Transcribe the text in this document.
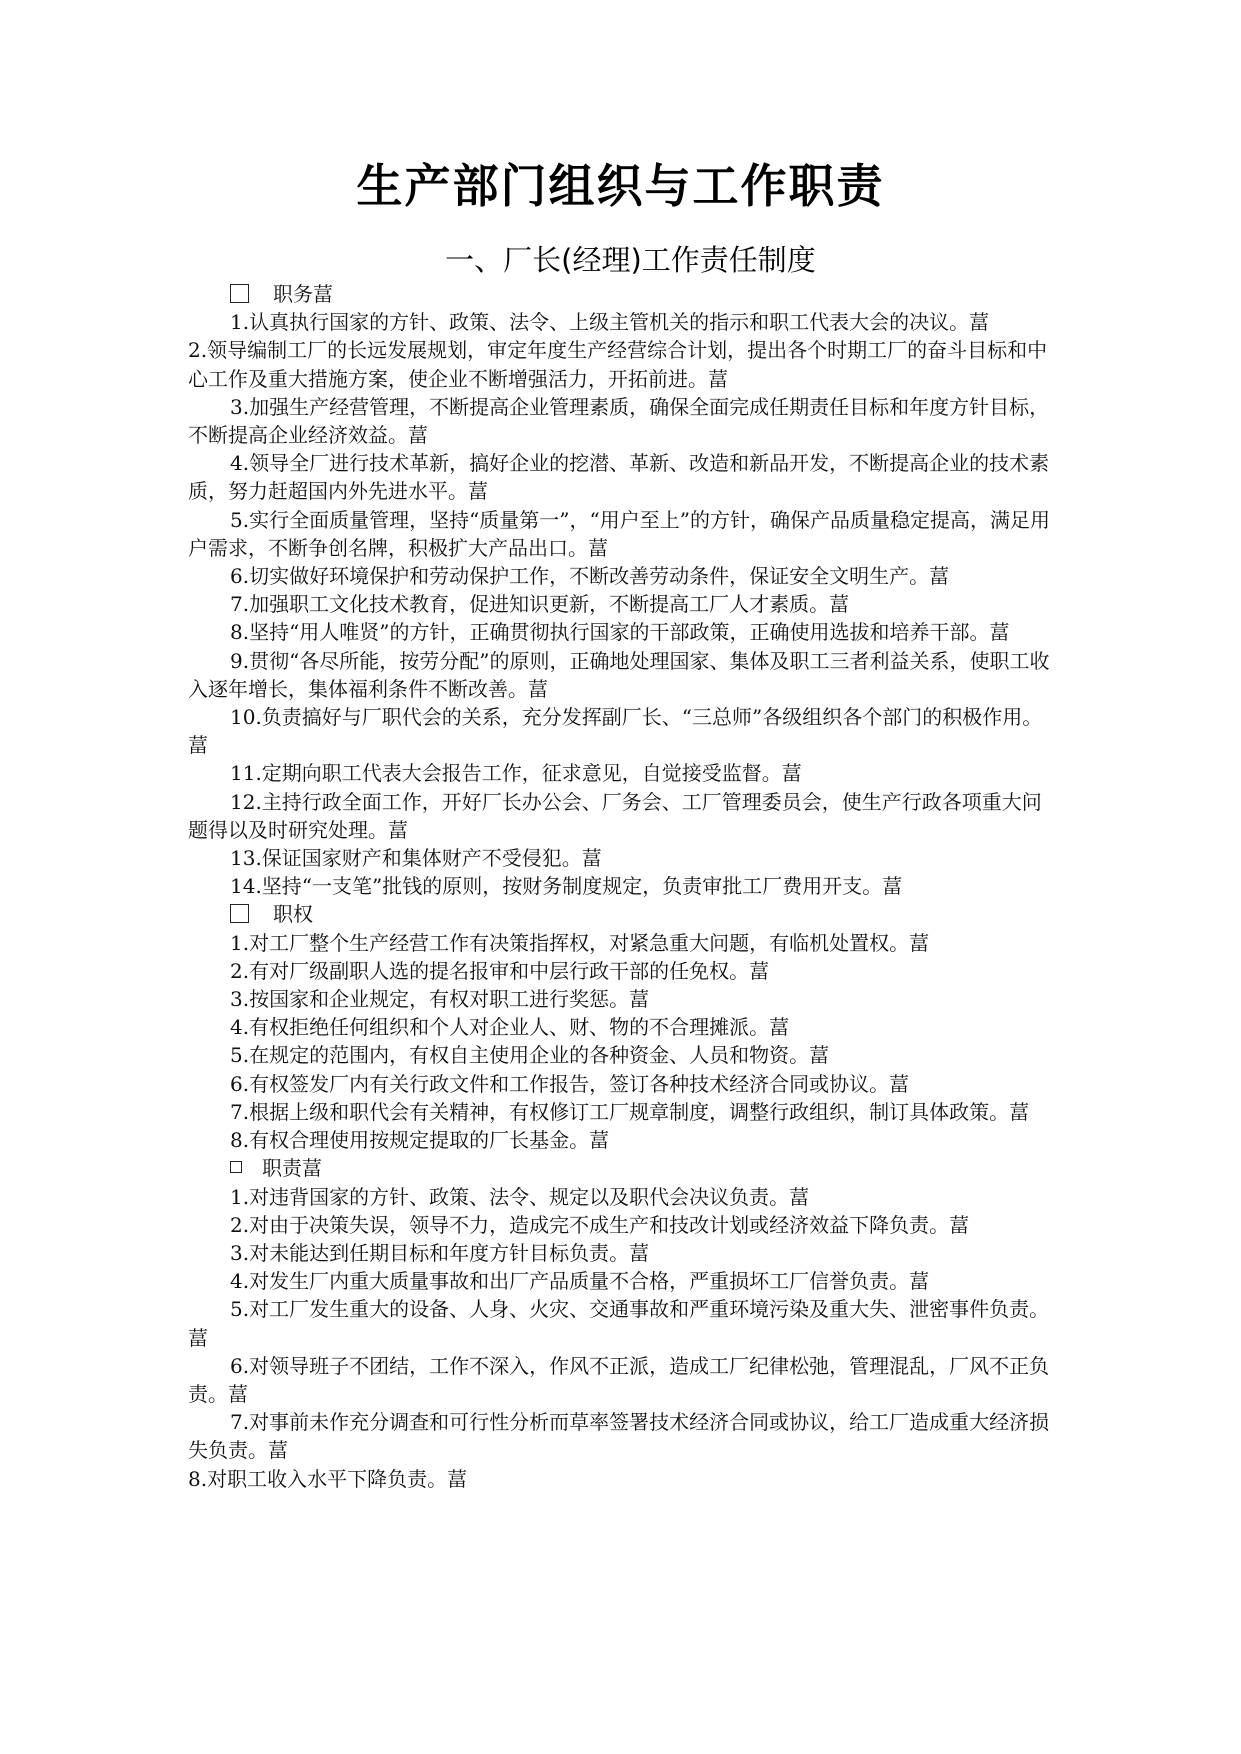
生产部门组织与工作职责
一、厂长(经理)工作责任制度

职务葍

1.认真执行国家的方针、政策、法令、上级主管机关的指示和职工代表大会的决议。葍

2.领导编制工厂的长远发展规划，审定年度生产经营综合计划，提出各个时期工厂的奋斗目标和中心工作及重大措施方案，使企业不断增强活力，开拓前进。葍

3.加强生产经营管理，不断提高企业管理素质，确保全面完成任期责任目标和年度方针目标，不断提高企业经济效益。葍

4.领导全厂进行技术革新，搞好企业的挖潜、革新、改造和新品开发，不断提高企业的技术素质，努力赶超国内外先进水平。葍

5.实行全面质量管理，坚持“质量第一”，“用户至上”的方针，确保产品质量稳定提高，满足用户需求，不断争创名牌，积极扩大产品出口。葍

6.切实做好环境保护和劳动保护工作，不断改善劳动条件，保证安全文明生产。葍

7.加强职工文化技术教育，促进知识更新，不断提高工厂人才素质。葍

8.坚持“用人唯贤”的方针，正确贯彻执行国家的干部政策，正确使用选拔和培养干部。葍

9.贯彻“各尽所能，按劳分配”的原则，正确地处理国家、集体及职工三者利益关系，使职工收入逐年增长，集体福利条件不断改善。葍

10.负责搞好与厂职代会的关系，充分发挥副厂长、“三总师”各级组织各个部门的积极作用。葍

11.定期向职工代表大会报告工作，征求意见，自觉接受监督。葍

12.主持行政全面工作，开好厂长办公会、厂务会、工厂管理委员会，使生产行政各项重大问题得以及时研究处理。葍

13.保证国家财产和集体财产不受侵犯。葍

14.坚持“一支笔”批钱的原则，按财务制度规定，负责审批工厂费用开支。葍

职权

1.对工厂整个生产经营工作有决策指挥权，对紧急重大问题，有临机处置权。葍

2.有对厂级副职人选的提名报审和中层行政干部的任免权。葍

3.按国家和企业规定，有权对职工进行奖惩。葍

4.有权拒绝任何组织和个人对企业人、财、物的不合理摊派。葍

5.在规定的范围内，有权自主使用企业的各种资金、人员和物资。葍

6.有权签发厂内有关行政文件和工作报告，签订各种技术经济合同或协议。葍

7.根据上级和职代会有关精神，有权修订工厂规章制度，调整行政组织，制订具体政策。葍

8.有权合理使用按规定提取的厂长基金。葍

职责葍

1.对违背国家的方针、政策、法令、规定以及职代会决议负责。葍

2.对由于决策失误，领导不力，造成完不成生产和技改计划或经济效益下降负责。葍

3.对未能达到任期目标和年度方针目标负责。葍

4.对发生厂内重大质量事故和出厂产品质量不合格，严重损坏工厂信誉负责。葍

5.对工厂发生重大的设备、人身、火灾、交通事故和严重环境污染及重大失、泄密事件负责。葍

6.对领导班子不团结，工作不深入，作风不正派，造成工厂纪律松弛，管理混乱，厂风不正负责。葍

7.对事前未作充分调查和可行性分析而草率签署技术经济合同或协议，给工厂造成重大经济损失负责。葍

8.对职工收入水平下降负责。葍
